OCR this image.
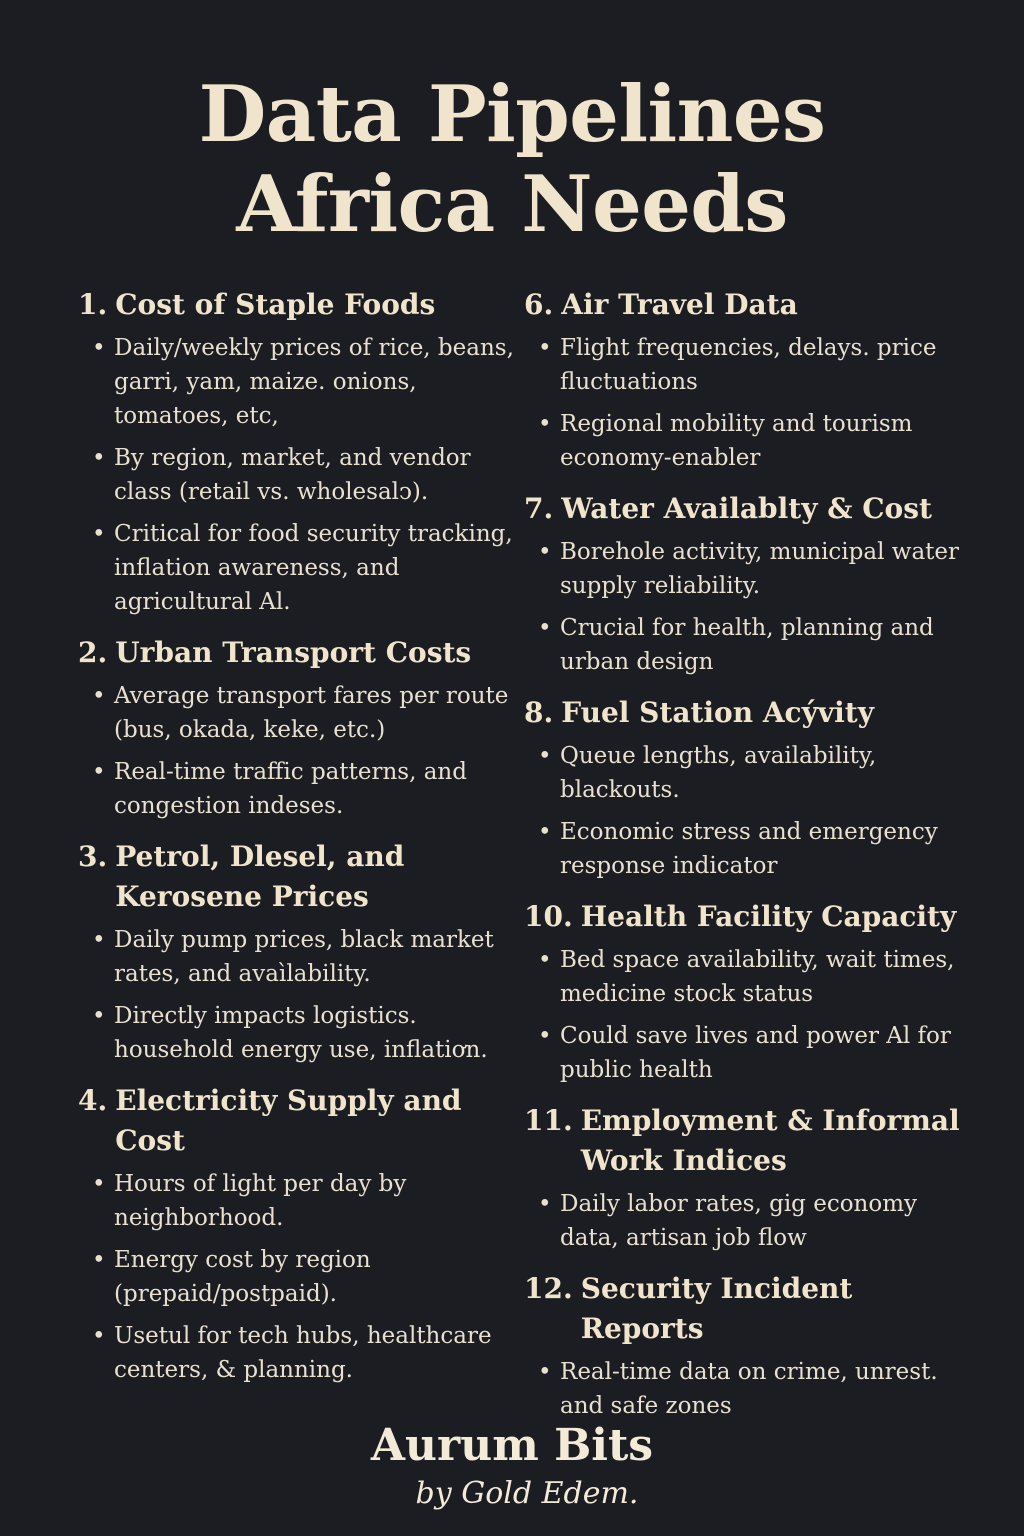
Data Pipelines
Africa Needs
1. Cost of Staple Foods
• Daily/weekly prices of rice, beans, garri, yam, maize. onions, tomatoes, etc,
• By region, market, and vendor class (retail vs. wholesalↄ).
• Critical for food security tracking, inflation awareness, and agricultural Al.
2. Urban Transport Costs
• Average transport fares per route (bus, okada, keke, etc.)
• Real-time traffic patterns, and congestion indeses.
3. Petrol, Dlesel, and Kerosene Prices
• Daily pump prices, black market rates, and avaìlability.
• Directly impacts logistics. household energy use, inflatiơn.
4. Electricity Supply and Cost
• Hours of light per day by neighborhood.
• Energy cost by region (prepaid/postpaid).
• Usetul for tech hubs, healthcare centers, & planning.
6. Air Travel Data
• Flight frequencies, delays. price fluctuations
• Regional mobility and tourism economy-enabler
7. Water Availablty & Cost
• Borehole activity, municipal water supply reliability.
• Crucial for health, planning and urban design
8. Fuel Station Acývity
• Queue lengths, availability, blackouts.
• Economic stress and emergency response indicator
10. Health Facility Capacity
• Bed space availability, wait times, medicine stock status
• Could save lives and power Al for public health
11. Employment & Informal Work Indices
• Daily labor rates, gig economy data, artisan job flow
12. Security Incident Reports
• Real-time data on crime, unrest. and safe zones
Aurum Bits
by Gold Edem.
